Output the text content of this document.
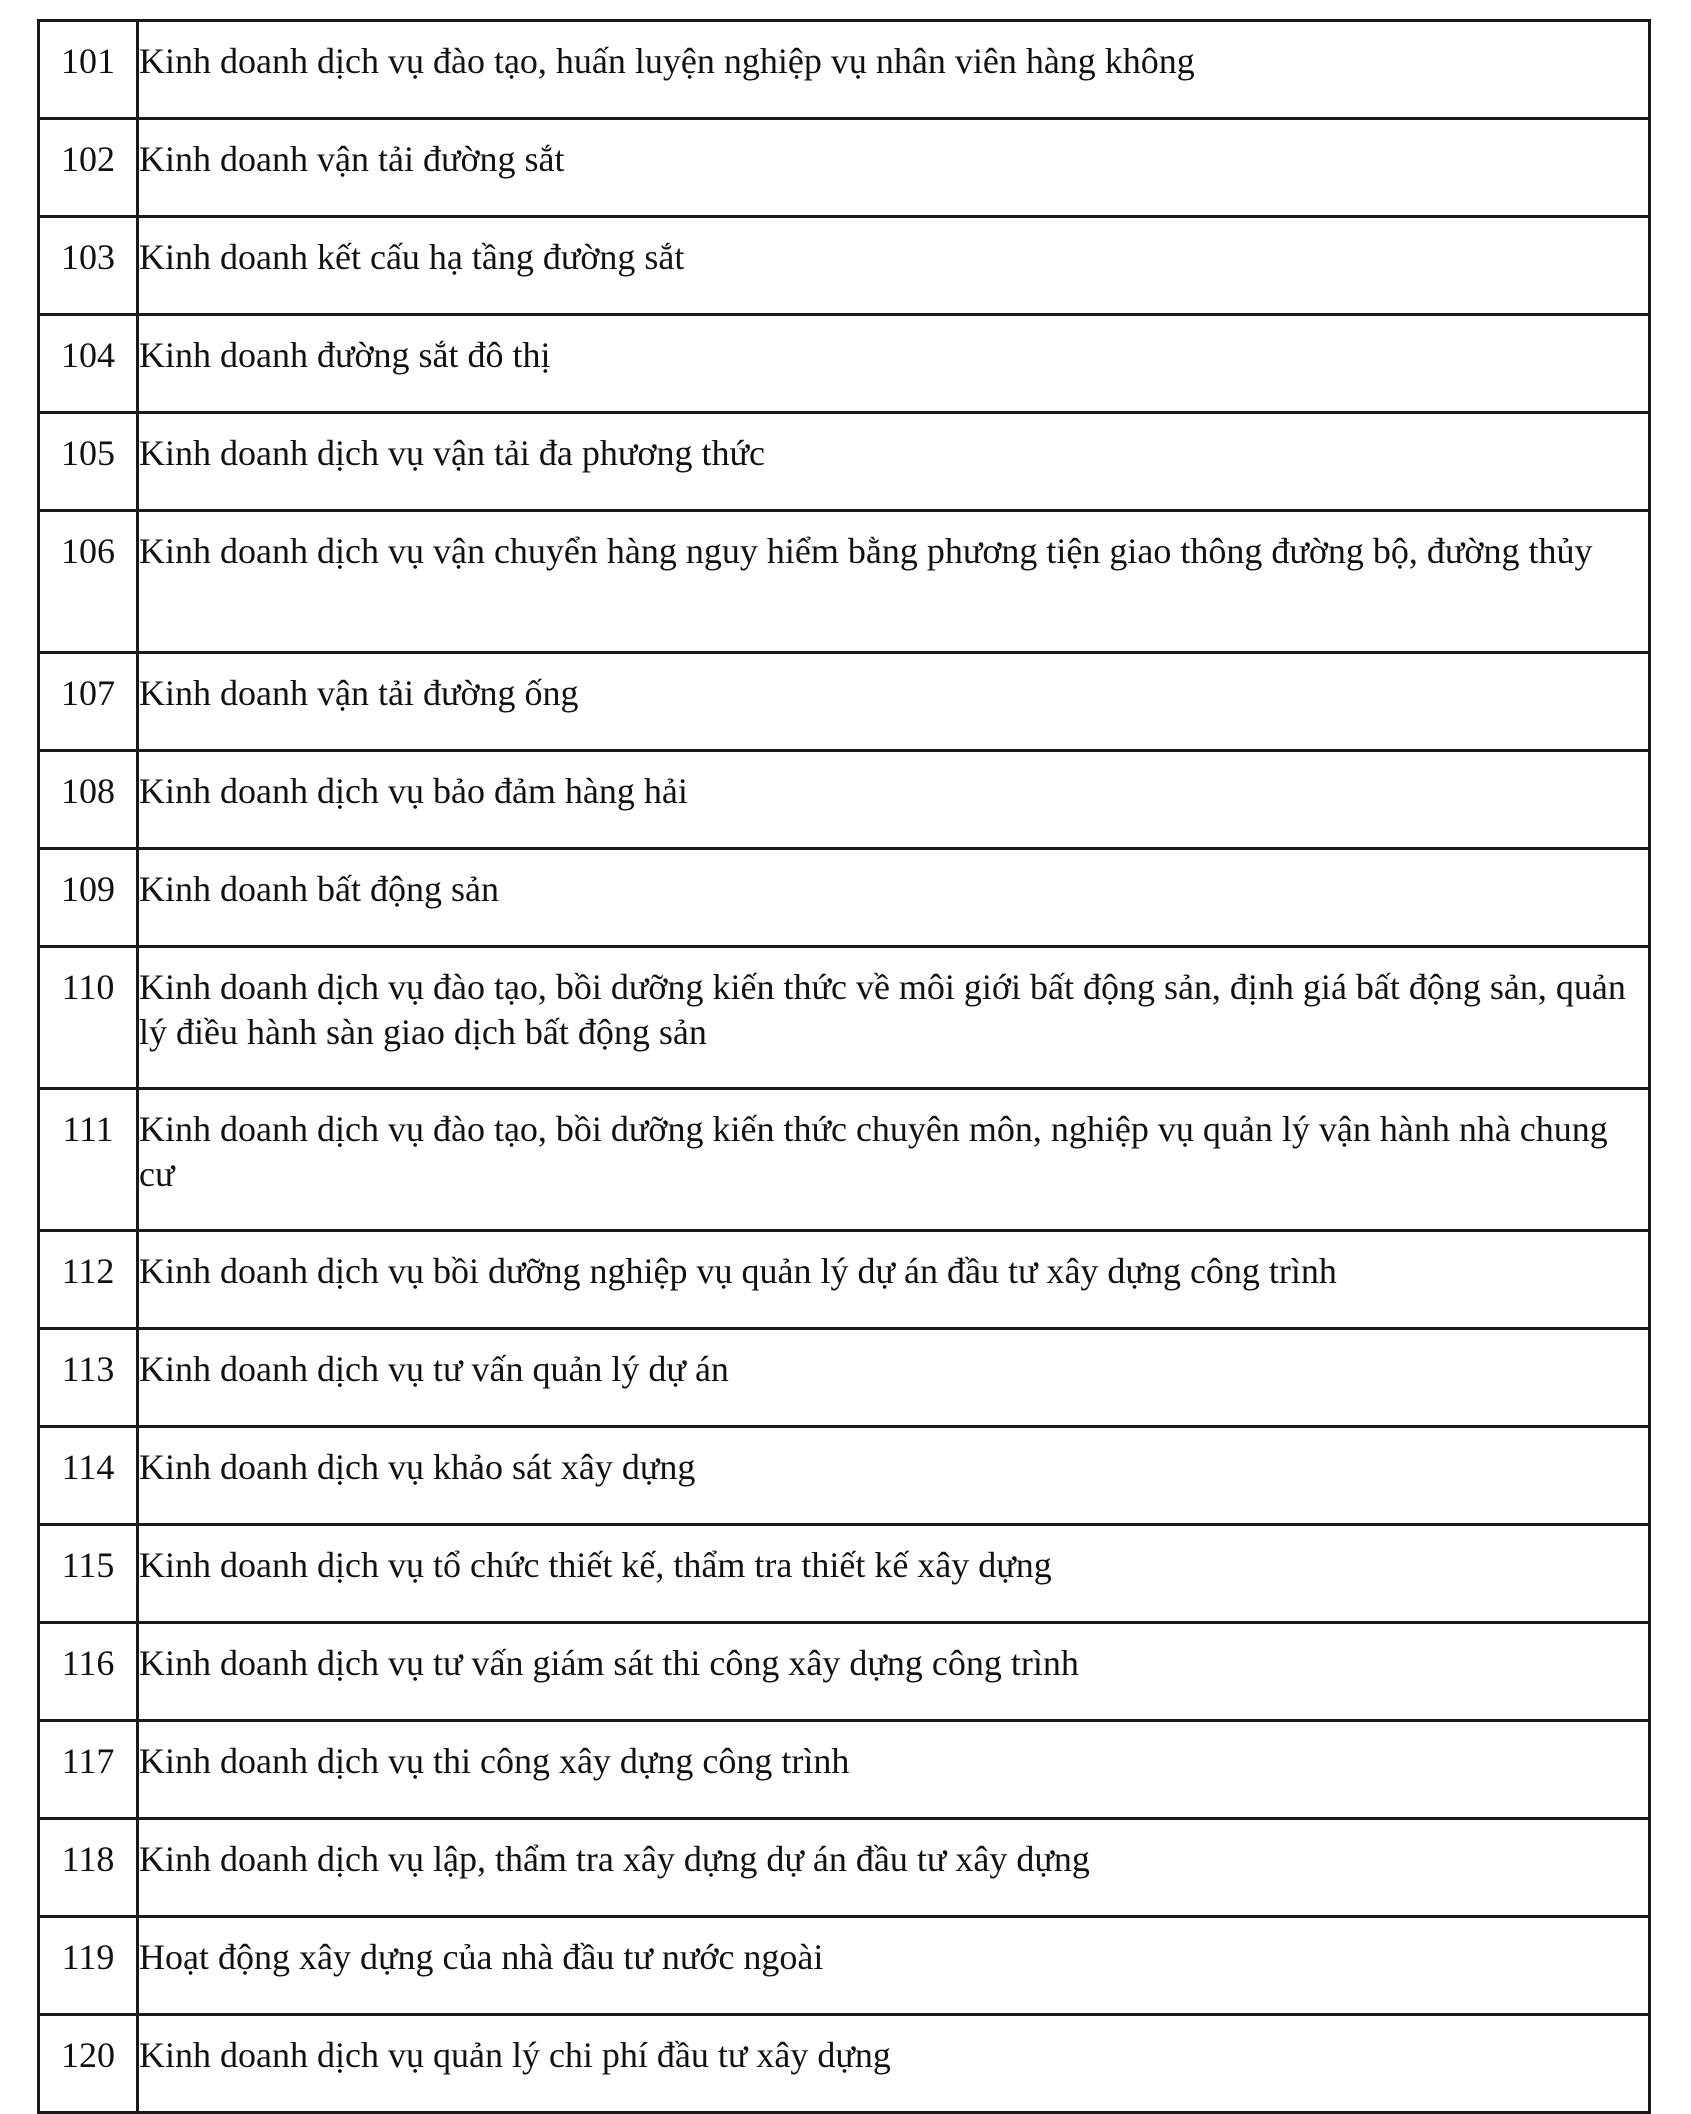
101	Kinh doanh dịch vụ đào tạo, huấn luyện nghiệp vụ nhân viên hàng không
102	Kinh doanh vận tải đường sắt
103	Kinh doanh kết cấu hạ tầng đường sắt
104	Kinh doanh đường sắt đô thị
105	Kinh doanh dịch vụ vận tải đa phương thức
106	Kinh doanh dịch vụ vận chuyển hàng nguy hiểm bằng phương tiện giao thông đường bộ, đường thủy
107	Kinh doanh vận tải đường ống
108	Kinh doanh dịch vụ bảo đảm hàng hải
109	Kinh doanh bất động sản
110	Kinh doanh dịch vụ đào tạo, bồi dưỡng kiến thức về môi giới bất động sản, định giá bất động sản, quản lý điều hành sàn giao dịch bất động sản
111	Kinh doanh dịch vụ đào tạo, bồi dưỡng kiến thức chuyên môn, nghiệp vụ quản lý vận hành nhà chung cư
112	Kinh doanh dịch vụ bồi dưỡng nghiệp vụ quản lý dự án đầu tư xây dựng công trình
113	Kinh doanh dịch vụ tư vấn quản lý dự án
114	Kinh doanh dịch vụ khảo sát xây dựng
115	Kinh doanh dịch vụ tổ chức thiết kế, thẩm tra thiết kế xây dựng
116	Kinh doanh dịch vụ tư vấn giám sát thi công xây dựng công trình
117	Kinh doanh dịch vụ thi công xây dựng công trình
118	Kinh doanh dịch vụ lập, thẩm tra xây dựng dự án đầu tư xây dựng
119	Hoạt động xây dựng của nhà đầu tư nước ngoài
120	Kinh doanh dịch vụ quản lý chi phí đầu tư xây dựng
